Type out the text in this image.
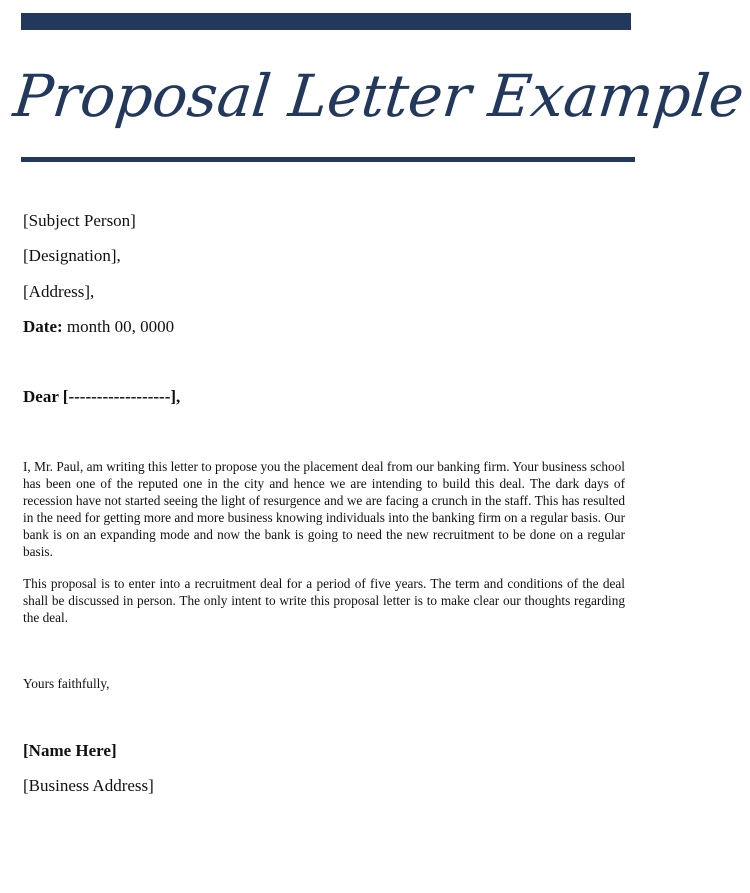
Proposal Letter Example
[Subject Person]
[Designation],
[Address],
Date: month 00, 0000
Dear [------------------],
I, Mr. Paul, am writing this letter to propose you the placement deal from our banking firm. Your business school has been one of the reputed one in the city and hence we are intending to build this deal. The dark days of recession have not started seeing the light of resurgence and we are facing a crunch in the staff. This has resulted in the need for getting more and more business knowing individuals into the banking firm on a regular basis. Our bank is on an expanding mode and now the bank is going to need the new recruitment to be done on a regular basis.
This proposal is to enter into a recruitment deal for a period of five years. The term and conditions of the deal shall be discussed in person. The only intent to write this proposal letter is to make clear our thoughts regarding the deal.
Yours faithfully,
[Name Here]
[Business Address]
